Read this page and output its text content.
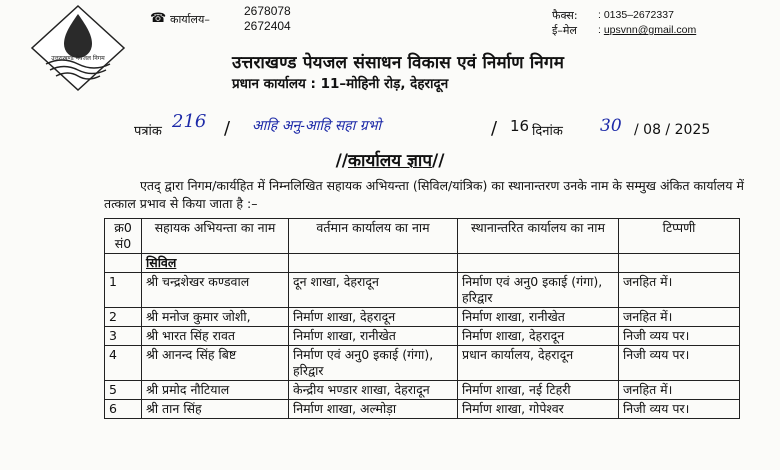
उत्तराखण्ड पेयजल निगम
☎ कार्यालय–
2678078
2672404
फैक्स:
ई–मेल
: 0135–2672337
: upsvnn@gmail.com
उत्तराखण्ड पेयजल संसाधन विकास एवं निर्माण निगम
प्रधान कार्यालय : 11–मोहिनी रोड़, देहरादून
पत्रांक 216 / आहि अनु-आहि सहा ग्रभो	/ 16 दिनांक 30 / 08 / 2025
//कार्यालय ज्ञाप//
एतद् द्वारा निगम/कार्यहित में निम्नलिखित सहायक अभियन्ता (सिविल/यांत्रिक) का स्थानान्तरण उनके नाम के सम्मुख अंकित कार्यालय में तत्काल प्रभाव से किया जाता है :–
क्र0 सं0	सहायक अभियन्ता का नाम	वर्तमान कार्यालय का नाम	स्थानान्तरित कार्यालय का नाम	टिप्पणी
	सिविल			
1	श्री चन्द्रशेखर कण्डवाल	दून शाखा, देहरादून	निर्माण एवं अनु0 इकाई (गंगा), हरिद्वार	जनहित में।
2	श्री मनोज कुमार जोशी,	निर्माण शाखा, देहरादून	निर्माण शाखा, रानीखेत	जनहित में।
3	श्री भारत सिंह रावत	निर्माण शाखा, रानीखेत	निर्माण शाखा, देहरादून	निजी व्यय पर।
4	श्री आनन्द सिंह बिष्ट	निर्माण एवं अनु0 इकाई (गंगा), हरिद्वार	प्रधान कार्यालय, देहरादून	निजी व्यय पर।
5	श्री प्रमोद नौटियाल	केन्द्रीय भण्डार शाखा, देहरादून	निर्माण शाखा, नई टिहरी	जनहित में।
6	श्री तान सिंह	निर्माण शाखा, अल्मोड़ा	निर्माण शाखा, गोपेश्वर	निजी व्यय पर।
